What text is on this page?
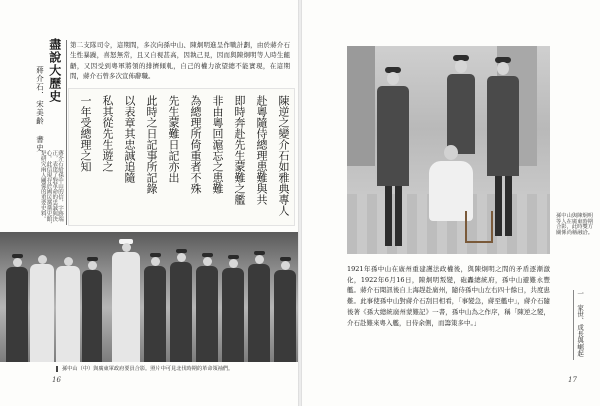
盡說大歷史
蔣介石．宋美齡 書史
蔣介石給孫中山的信，字跡端正，表達了對革命的忠誠與決心。此信現存於國民黨黨史館，是研究兩人關係的重要史料。
第二支隊司令，這期間，多次向孫中山、陳炯明進呈作戰計劃，由於蔣介石生性暴躁，喜怒無常，且又自視甚高，因執己見，因而與陳炯明等人時生齟齬，又因受到粵軍將領的排擠傾軋，自己的權力欲望總不能實現，在這期間，蔣介石曾多次宣佈辭職。
陳逆之變介石如雅典專人
赴粵隨侍總理患難與共
即時奔赴先生蒙難之艦
非由粵回滬忘之患難
為總理所倚重者不殊
先生蒙難日記亦出
此時之日記事所記錄
以表章其忠誠追隨
私其從先生遊之
一年受總理之知
孫中山（中）與廣東軍政府要員合影。照片中可見北伐時期的革命領袖們。
16
孫中山與陳炯明等人在廣東時期合影，此時雙方關係尚稱融洽。
1921年孫中山在廣州重建護法政權後，與陳炯明之間的矛盾逐漸激化，1922年6月16日，陳炯明叛變，砲轟總統府，孫中山避難永豐艦。蔣介石聞訊後自上海趕赴廣州，隨侍孫中山左右四十餘日，共度患難。此事使孫中山對蔣介石刮目相看，「事變急，蔣至艦中」，蔣介石隨後著《孫大總統廣州蒙難記》一書，孫中山為之作序，稱「陳逆之變，介石赴難來粵入艦，日侍余側，而籌策多中。」	一 家世、成長與崛起
17
